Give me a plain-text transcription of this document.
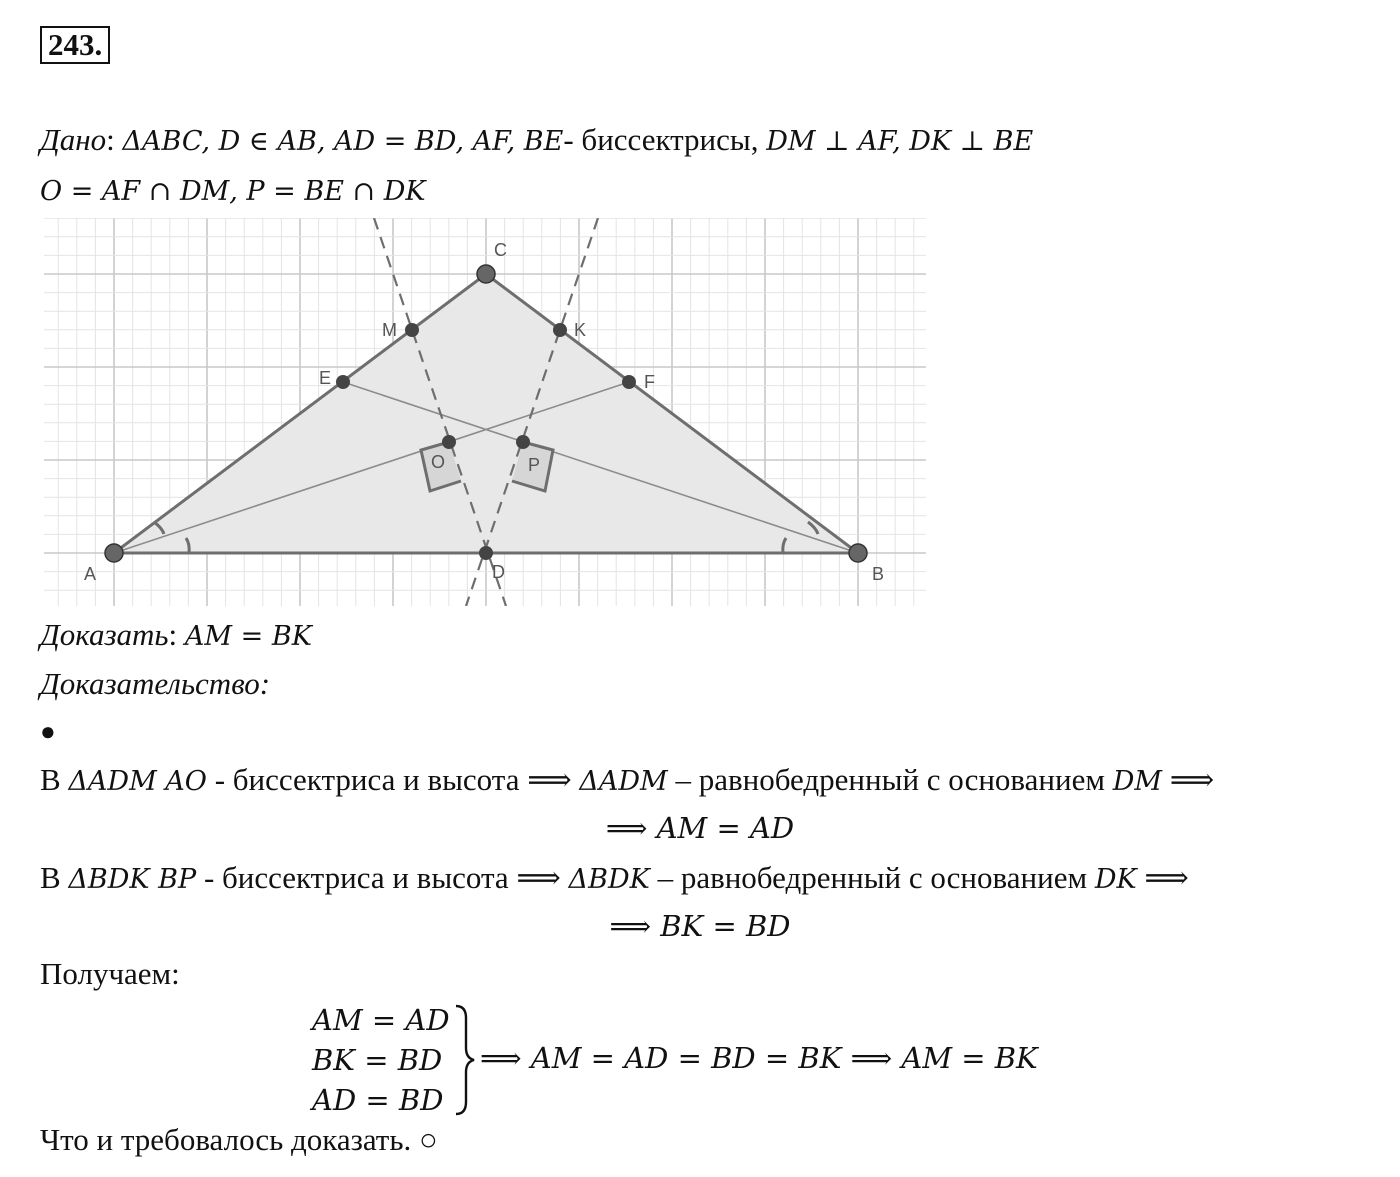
243.
Дано: ΔABC, D ∈ AB, AD = BD, AF, BE- биссектрисы, DM ⊥ AF, DK ⊥ BE
O = AF ∩ DM, P = BE ∩ DK
A	B
C
D
E	F
M	K
O	P
Доказать: AM = BK
Доказательство:
●
В ΔADM AO - биссектриса и высота ⟹ ΔADM – равнобедренный с основанием DM ⟹
⟹ AM = AD
В ΔBDK BP - биссектриса и высота ⟹ ΔBDK – равнобедренный с основанием DK ⟹
⟹ BK = BD
Получаем:
AM = AD
BK = BD
AD = BD
⟹ AM = AD = BD = BK ⟹ AM = BK
Что и требовалось доказать. ○
